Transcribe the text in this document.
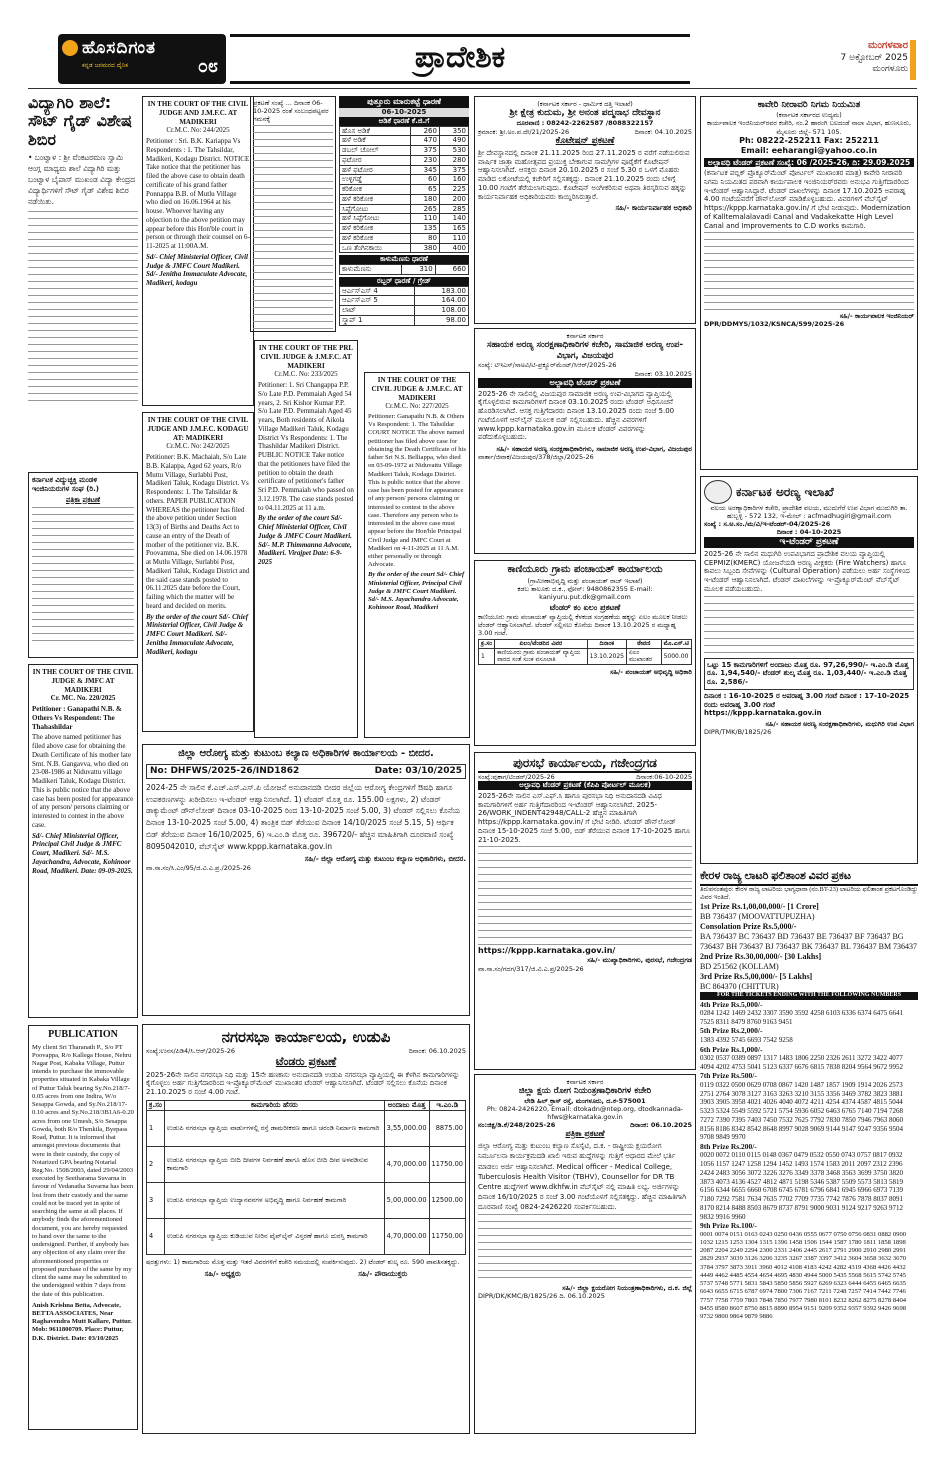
ಹೊಸದಿಗಂತ
ಕನ್ನಡ ಜನಮನದ ದೈನಿಕ	೦೮	ಪ್ರಾದೇಶಿಕ	ಮಂಗಳವಾರ
7 ಅಕ್ಟೋಬರ್ 2025
ಮಂಗಳೂರು
ವಿದ್ಯಾಗಿರಿ ಶಾಲೆ: ಸೌಟ್ ಗೈಡ್ ವಿಶೇಷ ಶಿಬಿರ
• ಬಂಟ್ವಾಳ : ಶ್ರೀ ವೆಂಕಟರಮಣ ಸ್ವಾಮಿ ಆಂಗ್ಲ ಮಾಧ್ಯಮ ಶಾಲೆ ವಿದ್ಯಾಗಿರಿ ಮತ್ತು ಬಂಟ್ವಾಳ ಬೈಪಾಸ್ ಮುಖಂಡ ವಿದ್ಯಾ ಕೇಂದ್ರದ ವಿದ್ಯಾರ್ಥಿಗಳಿಗೆ ಸೌಟ್ ಗೈಡ್ ವಿಶೇಷ ಶಿಬಿರ ನಡೆಯಿತು.
ಕರ್ನಾಟಕ ವಿದ್ಯುಚ್ಛಕ್ತಿ ಮಂಡಳಿ ಇಂಜಿನಿಯರುಗಳ ಸಂಘ (ರಿ.)
ಪತ್ರಿಕಾ ಪ್ರಕಟಣೆ
IN THE COURT OF THE CIVIL JUDGE & JMFC AT MADIKERI
Cr. MC. No. 220/2025
Petitioner : Ganapathi N.B. & Others Vs Respondent: The Thahashildar
The above named petitioner has filed above case for obtaining the Death Certificate of his mother late Smt. N.B. Gangavva, who died on 23-08-1986 at Niduvattu village Madikeri Taluk, Kodagu District. This is public notice that the above case has been posted for appearance of any person/ persons claiming or interested to contest in the above case.
Sd/- Chief Ministerial Officer, Principal Civil Judge & JMFC Court, Madikeri. Sd/- M.S. Jayachandra, Advocate, Kohinoor Road, Madikeri. Date: 09-09-2025.
PUBLICATION
My client Sri Tharanath P., S/o PT Poovappa, R/o Kallega House, Nehru Nagar Post, Kabaka Village, Puttur intends to purchase the immovable properties situated in Kabaka Village of Puttur Taluk bearing Sy.No.218/7- 0.05 acres from one Indira, W/o Sesappa Gowda, and Sy.No.218/17-0.10 acres and Sy.No.218/3B1A6-0.20 acres from one Umesh, S/o Sesappa Gowda, both R/o Thenkila, Byepass Road, Puttur. It is informed that amongst previous documents that were in their custody, the copy of Notarized GPA bearing Notarial Reg.No. 1508/2003, dated 29/04/2003 executed by Seetharama Suvarna in favour of Vedanatha Suvarna has been lost from their custody and the same could not be traced yet in spite of searching the same at all places. If anybody finds the aforementioned document, you are hereby requested to hand over the same to the undersigned. Further, if anybody has any objection of any claim over the aforementioned properties or proposed purchase of the same by my client the same may be submitted to the undersigned within 7 days from the date of this publication.
Anish Krishna Betta, Advocate, BETTA ASSOCIATES, Near Raghavendra Mutt Kallare, Puttur. Mob: 9611800709. Place: Puttur, D.K. District. Date: 03/10/2025
IN THE COURT OF THE CIVIL JUDGE AND J.M.F.C. AT MADIKERI
Cr.M.C. No: 244/2025
Petitioner : Sri. B.K. Kariappa Vs Respondents : 1. The Tahsildar, Madikeri, Kodagu District. NOTICE Take notice that the petitioner has filed the above case to obtain death certificate of his grand father Ponnappa B.B. of Mutlu Village who died on 16.06.1964 at his house. Whoever having any objection to the above petition may appear before this Hon'ble court in person or through their counsel on 6-11-2025 at 11:00A.M.
Sd/- Chief Ministerial Officer, Civil Judge & JMFC Court Madikeri. Sd/- Jenitha Immaculate Advocate, Madikeri, kodagu
IN THE COURT OF THE CIVIL JUDGE AND J.M.F.C. KODAGU AT: MADIKERI
Cr.M.C. No: 242/2025
Petitioner: B.K. Machaiah, S/o Late B.B. Kalappa, Aged 62 years, R/o Muttu Village, Surlabbi Post, Madikeri Taluk, Kodagu District. Vs Respondents: 1. The Tahsildar & others. PAPER PUBLICATION WHEREAS the petitioner has filed the above petition under Section 13(3) of Births and Deaths Act to cause an entry of the Death of mother of the petitioner viz. B.K. Poovamma, She died on 14.06.1978 at Mutlu Village, Surlabbi Post, Madikeri Taluk, Kodagu District and the said case stands posted to 06.11.2025 date before the Court, failing which the matter will be heard and decided on merits.
By the order of the court Sd/- Chief Ministerial Officer, Civil Judge & JMFC Court Madikeri. Sd/- Jenitha Immaculate Advocate, Madikeri, kodagu
ಪ್ರಕಟಣೆ ಸಂಖ್ಯೆ ... ದಿನಾಂಕ 06-10-2025 ರಂತೆ ಸಂಬಂಧಪಟ್ಟವರ ಗಮನಕ್ಕೆ
IN THE COURT OF THE PRL CIVIL JUDGE & J.M.F.C. AT MADIKERI
Cr.M.C. No: 233/2025
Petitioner: 1. Sri Changappa P.P. S/o Late P.D. Pemmaiah Aged 54 years, 2. Sri Kishor Kumar P.P. S/o Late P.D. Pemmaiah Aged 45 years, Both residents of Aikola Village Madikeri Taluk, Kodagu District Vs Respondents: 1. The Thashildar Madikeri District. PUBLIC NOTICE Take notice that the petitioners have filed the petition to obtain the death certificate of petitioner's father Sri P.D. Pemmaiah who passed on 3.12.1978. The case stands posted to 04.11.2025 at 11 a.m.
By the order of the court Sd/- Chief Ministerial Officer, Civil Judge & JMFC Court Madikeri. Sd/- M.P. Thimmanna Advocate, Madikeri. Virajpet Date: 6-9-2025
ಪುತ್ತೂರು ಮಾರುಕಟ್ಟೆ ಧಾರಣೆ
06-10-2025
ಅಡಿಕೆ ಧಾರಣೆ ಕೆ.ಜಿ.ಗೆ
ಹೊಸ ಅಡಿಕೆ	260	350
ಹಳೆ ಅಡಿಕೆ	470	490
ಡಬಲ್ ಚೋಲ್	375	530
ಫಟೋರ	230	280
ಹಳೆ ಫಟೋರ	345	375
ಉಳ್ಳಿಗಡ್ಡೆ	60	160
ಕರಿಕೋಕ	65	225
ಹಳೆ ಕರಿಕೋಕ	180	200
ಸಿಪ್ಪೆಗೋಟು	265	285
ಹಳೆ ಸಿಪ್ಪೆಗೋಟು	110	140
ಹಳೆ ಕರಿಕೋಕ	135	165
ಹಳೆ ಕರಿಕೋಕ	80	110
ಒಣ ತೆಂಗಿನಕಾಯಿ	380	400
ಕಾಳುಮೆಣಸು ಧಾರಣೆ
ಕಾಳುಮೆಣಸು	310	660
ರಬ್ಬರ್ ಧಾರಣೆ / ಗ್ರೇಡ್
ಆರ್ಎಸ್ಎಸ್ 4	183.00
ಆರ್ಎಸ್ಎಸ್ 5	164.00
ಲಾಟ್	108.00
ಸ್ಕ್ರಾಪ್ 1	98.00
IN THE COURT OF THE CIVIL JUDGE & J.M.F.C. AT MADIKERI
Cr.M.C. No: 227/2025
Petitioner: Ganapathi N.B. & Others Vs Respondent: 1. The Tahsildar COURT NOTICE The above named petitioner has filed above case for obtaining the Death Certificate of his father Sri N.S. Belliappa, who died on 03-09-1972 at Niduvattu Village Madikeri Taluk, Kodagu District. This is public notice that the above case has been posted for appearance of any person/ persons claiming or interested to contest in the above case. Therefore any person who is interested in the above case must appear before the Hon'ble Principal Civil Judge and JMFC Court at Madikeri on 4-11-2025 at 11 A.M. either personally or through Advocate.
By the order of the court Sd/- Chief Ministerial Officer, Principal Civil Judge & JMFC Court Madikeri. Sd/- M.S. Jayachandra Advocate, Kohinoor Road, Madikeri
(ಕರ್ನಾಟಕ ಸರ್ಕಾರ - ಧಾರ್ಮಿಕ ದತ್ತಿ ಇಲಾಖೆ)
ಶ್ರೀ ಕ್ಷೇತ್ರ ಕುದುಮ, ಶ್ರೀ ಅನಂತ ಪದ್ಮನಾಭ ದೇವಸ್ಥಾನ
ದೂರವಾಣಿ : 08242-2262587 /8088322157
ಕ್ರಮಾಂಕ: ಶ್ರೀ.ಅಂ.ಪ.ದೇ/21/2025-26	ದಿನಾಂಕ: 04.10.2025
ಕೊಟೇಷನ್ ಪ್ರಕಟಣೆ
ಶ್ರೀ ದೇವಸ್ಥಾನದಲ್ಲಿ ದಿನಾಂಕ 21.11.2025 ರಿಂದ 27.11.2025 ರ ವರೆಗೆ ನಡೆಯಲಿರುವ ವಾರ್ಷಿಕ ಜಾತ್ರಾ ಮಹೋತ್ಸವದ ಪ್ರಯುಕ್ತ ಬೇಕಾಗುವ ಸಾಮಗ್ರಿಗಳ ಪೂರೈಕೆಗೆ ಕೊಟೇಷನ್ ಆಹ್ವಾನಿಸಲಾಗಿದೆ. ಆಸಕ್ತರು ದಿನಾಂಕ 20.10.2025 ರ ಸಂಜೆ 5.30 ರ ಒಳಗೆ ಮೊಹರು ಮಾಡಿದ ಲಕೋಟೆಯಲ್ಲಿ ಕಚೇರಿಗೆ ಸಲ್ಲಿಸತಕ್ಕದ್ದು. ದಿನಾಂಕ 21.10.2025 ರಂದು ಬೆಳಿಗ್ಗೆ 10.00 ಗಂಟೆಗೆ ತೆರೆಯಲಾಗುವುದು. ಕೊಟೇಷನ್ ಅಂಗೀಕರಿಸುವ ಅಥವಾ ತಿರಸ್ಕರಿಸುವ ಹಕ್ಕನ್ನು ಕಾರ್ಯನಿರ್ವಾಹಕ ಅಧಿಕಾರಿಯವರು ಕಾಯ್ದಿರಿಸಿರುತ್ತಾರೆ.
ಸಹಿ/- ಕಾರ್ಯನಿರ್ವಾಹಕ ಅಧಿಕಾರಿ
ಕರ್ನಾಟಕ ಸರ್ಕಾರ
ಸಹಾಯಕ ಅರಣ್ಯ ಸಂರಕ್ಷಣಾಧಿಕಾರಿಗಳ ಕಚೇರಿ, ಸಾಮಾಜಿಕ ಅರಣ್ಯ ಉಪ-ವಿಭಾಗ, ವಿಜಯಪುರ
ಸಂಖ್ಯೆ: ಟಿಇಎಸ್/ಸಾಅವಿ/ಟಿ-ಪ್ರಕ್ಯೂರ್‌ಮೆಂಟ್/ಸಿಆರ್/2025-26
ದಿನಾಂಕ: 03.10.2025
ಅಲ್ಪಾವಧಿ ಟೆಂಡರ್ ಪ್ರಕಟಣೆ
2025-26 ನೇ ಸಾಲಿನಲ್ಲಿ ವಿಜಯಪುರ ಸಾಮಾಜಿಕ ಅರಣ್ಯ ಉಪ-ವಿಭಾಗದ ವ್ಯಾಪ್ತಿಯಲ್ಲಿ ಕೈಗೊಳ್ಳಲಿರುವ ಕಾಮಗಾರಿಗಳಿಗೆ ದಿನಾಂಕ 03.10.2025 ರಂದು ಟೆಂಡರ್ ಅಧಿಸೂಚನೆ ಹೊರಡಿಸಲಾಗಿದೆ. ಆಸಕ್ತ ಗುತ್ತಿಗೆದಾರರು ದಿನಾಂಕ 13.10.2025 ರಂದು ಸಂಜೆ 5.00 ಗಂಟೆಯೊಳಗೆ ಆನ್‌ಲೈನ್ ಮೂಲಕ ಬಿಡ್ ಸಲ್ಲಿಸಬಹುದು. ಹೆಚ್ಚಿನ ವಿವರಗಳಿಗೆ www.kppp.karnataka.gov.in ಮೂಲಕ ಟೆಂಡರ್ ವಿವರಗಳನ್ನು ಪಡೆದುಕೊಳ್ಳಬಹುದು.
ಸಹಿ/- ಸಹಾಯಕ ಅರಣ್ಯ ಸಂರಕ್ಷಣಾಧಿಕಾರಿಗಳು, ಸಾಮಾಜಿಕ ಅರಣ್ಯ ಉಪ-ವಿಭಾಗ, ವಿಜಯಪುರ
ವಾರ್ತಾ/ಜಿವಾಕ/ವಿಜಯಪುರ/378/ಜಿಲ್ಲಾ/2025-26
ಕಾಣಿಯೂರು ಗ್ರಾಮ ಪಂಚಾಯತ್ ಕಾರ್ಯಾಲಯ
(ಗ್ರಾಮೀಣಾಭಿವೃದ್ಧಿ ಮತ್ತು ಪಂಚಾಯತ್ ರಾಜ್ ಇಲಾಖೆ)
ಕಡಬ ತಾಲೂಕು ದ.ಕ., ಫೋನ್: 9480862355 E-mail: kaniyuru.put.dk@gmail.com
ಟೆಂಡರ್ ಕಂ ಏಲಂ ಪ್ರಕಟಣೆ
ಕಾಣಿಯೂರು ಗ್ರಾಮ ಪಂಚಾಯತ್ ವ್ಯಾಪ್ತಿಯಲ್ಲಿ ಕೆಳಕಂಡ ಸಂಗ್ರಹಣೆಯ ಹಕ್ಕನ್ನು ಏಲಂ ಮೂಲಕ ನೀಡಲು ಟೆಂಡರ್ ಆಹ್ವಾನಿಸಲಾಗಿದೆ. ಟೆಂಡರ್ ಸಲ್ಲಿಸಲು ಕೊನೆಯ ದಿನಾಂಕ 13.10.2025 ರ ಮಧ್ಯಾಹ್ನ 3.00 ಗಂಟೆ.
ಕ್ರ.ಸಂ	ಏಲಂ/ಟೆಂಡರಿನ ವಿವರ	ದಿನಾಂಕ	ಠೇವಣಿ	ಮೊ.ಎಸ್.ಟಿ
1	ಕಾಣಿಯೂರು ಗ್ರಾಮ ಪಂಚಾಯತ್ ವ್ಯಾಪ್ತಿಯ ವಾರದ ಸಂತೆ ಸುಂಕ ವಸೂಲಾತಿ	13.10.2025	ಏಲಂ ಮುಖಾಂತರ	5000.00
ಸಹಿ/- ಪಂಚಾಯತ್ ಅಭಿವೃದ್ಧಿ ಅಧಿಕಾರಿ
ಕಾವೇರಿ ನೀರಾವರಿ ನಿಗಮ ನಿಯಮಿತ
(ಕರ್ನಾಟಕ ಸರ್ಕಾರದ ಉದ್ಯಮ)
ಕಾರ್ಯಪಾಲಕ ಇಂಜಿನಿಯರ್‌ರವರ ಕಚೇರಿ, ನಂ.2 ಹಾರಂಗಿ ಬಲದಂಡೆ ನಾಲಾ ವಿಭಾಗ, ಹುಣಸೂರು, ಮೈಸೂರು ಜಿಲ್ಲೆ- 571 105.
Ph: 08222-252211 Fax: 252211
Email: eeharangi@yahoo.co.in
ಅಲ್ಪಾವಧಿ ಟೆಂಡರ್ ಪ್ರಕಟಣೆ ಸಂಖ್ಯೆ: 06 /2025-26, ದಿ: 29.09.2025
(ಕರ್ನಾಟಕ ಪಬ್ಲಿಕ್ ಪ್ರೊಕ್ಯೂರ್‌ಮೆಂಟ್ ಪೋರ್ಟಲ್ ಮುಖಾಂತರ ಮಾತ್ರ) ಕಾವೇರಿ ನೀರಾವರಿ ನಿಗಮ ನಿಯಮಿತದ ಪರವಾಗಿ ಕಾರ್ಯಪಾಲಕ ಇಂಜಿನಿಯರ್‌ರವರು ಅನುಭವಿ ಗುತ್ತಿಗೆದಾರರಿಂದ ಇ-ಟೆಂಡರ್ ಆಹ್ವಾನಿಸಿದ್ದಾರೆ. ಟೆಂಡರ್ ದಾಖಲೆಗಳನ್ನು ದಿನಾಂಕ 17.10.2025 ಅಪರಾಹ್ನ 4.00 ಗಂಟೆಯವರೆಗೆ ಡೌನ್‌ಲೋಡ್ ಮಾಡಿಕೊಳ್ಳಬಹುದು. ವಿವರಗಳಿಗೆ ವೆಬ್‌ಸೈಟ್ https://kppp.karnataka.gov.in/ ಗೆ ಭೇಟಿ ನೀಡುವುದು. Modernization of Kalltemalalavadi Canal and Vadakekatte High Level Canal and Improvements to C.D works ಕಾಮಗಾರಿ.
ಸಹಿ/- ಕಾರ್ಯಪಾಲಕ ಇಂಜಿನಿಯರ್
DPR/DDMYS/1032/KSNCA/599/2025-26
ಕರ್ನಾಟಕ ಅರಣ್ಯ ಇಲಾಖೆ
ವಲಯ ಅರಣ್ಯಾಧಿಕಾರಿಗಳ ಕಚೇರಿ, ಪ್ರಾದೇಶಿಕ ವಲಯ, ಮುದುಗೆರೆ ಉಪ ವಿಭಾಗ ಮುದುಗಿರಿ ತಾ. ಹುಬ್ಬಳ್ಳಿ - 572 132, ಇ-ಮೇಲ್ : acfmadhugiri@gmail.com
ಸಂಖ್ಯೆ : ಸ.ಅ.ಸಂ./ಮ/ವಿ/ಇ-ಟೆಂಡರ್-04/2025-26
ದಿನಾಂಕ : 04-10-2025
ಇ-ಟೆಂಡರ್ ಪ್ರಕಟಣೆ
2025-26 ನೇ ಸಾಲಿನ ಮಧುಗಿರಿ ಉಪವಿಭಾಗದ ಪ್ರಾದೇಶಿಕ ವಲಯ ವ್ಯಾಪ್ತಿಯಲ್ಲಿ CEPMIZ(KMERC) ಯೋಜನೆಯಡಿ ಅರಣ್ಯ ವೀಕ್ಷಕರು (Fire Watchers) ಹಾಗೂ ಕಾವಲು ಸಿಬ್ಬಂದಿ ಸೇವೆಗಳನ್ನು (Cultural Operation) ಪಡೆಯಲು ಅರ್ಹ ಸಂಸ್ಥೆಗಳಿಂದ ಇ-ಟೆಂಡರ್ ಆಹ್ವಾನಿಸಲಾಗಿದೆ. ಟೆಂಡರ್ ದಾಖಲೆಗಳನ್ನು ಇ-ಪ್ರೊಕ್ಯೂರ್‌ಮೆಂಟ್ ವೆಬ್‌ಸೈಟ್ ಮೂಲಕ ಪಡೆಯಬಹುದು.
ಒಟ್ಟು 15 ಕಾಮಗಾರಿಗಳಿಗೆ ಅಂದಾಜು ಮೊತ್ತ ರೂ. 97,26,990/- ಇ.ಎಂ.ಡಿ ಮೊತ್ತ ರೂ. 1,94,540/- ಟೆಂಡರ್ ಶುಲ್ಕ ಮೊತ್ತ ರೂ. 1,03,440/- ಇ.ಎಂ.ಡಿ ಮೊತ್ತ ರೂ. 2,586/-
ದಿನಾಂಕ : 16-10-2025 ರ ಅಪರಾಹ್ನ 3.00 ಗಂಟೆ ದಿನಾಂಕ : 17-10-2025 ರಂದು ಅಪರಾಹ್ನ 3.00 ಗಂಟೆ
https://kppp.karnataka.gov.in
ಸಹಿ/- ಸಹಾಯಕ ಅರಣ್ಯ ಸಂರಕ್ಷಣಾಧಿಕಾರಿಗಳು, ಮಧುಗಿರಿ ಉಪ ವಿಭಾಗ
DIPR/TMK/B/1825/26
ಜಿಲ್ಲಾ ಆರೋಗ್ಯ ಮತ್ತು ಕುಟುಂಬ ಕಲ್ಯಾಣ ಅಧಿಕಾರಿಗಳ ಕಾರ್ಯಾಲಯ - ಬೀದರ.
No: DHFWS/2025-26/IND1862	Date: 03/10/2025
2024-25 ನೇ ಸಾಲಿನ ಕೆ.ಎಚ್.ಎಸ್.ಎಸ್.ಪಿ ಯೋಜನೆ ಅನುದಾನದಡಿ ಬೀದರ ಜಿಲ್ಲೆಯ ಆರೋಗ್ಯ ಕೇಂದ್ರಗಳಿಗೆ ಔಷಧಿ ಹಾಗೂ ಉಪಕರಣಗಳನ್ನು ಖರೀದಿಸಲು ಇ-ಟೆಂಡರ್ ಆಹ್ವಾನಿಸಲಾಗಿದೆ. 1) ಟೆಂಡರ್ ಮೊತ್ತ ರೂ. 155.00 ಲಕ್ಷಗಳು, 2) ಟೆಂಡರ್ ಡಾಕ್ಯುಮೆಂಟ್ ಡೌನ್‌ಲೋಡ್ ದಿನಾಂಕ 03-10-2025 ರಿಂದ 13-10-2025 ಸಂಜೆ 5.00, 3) ಟೆಂಡರ್ ಸಲ್ಲಿಸಲು ಕೊನೆಯ ದಿನಾಂಕ 13-10-2025 ಸಂಜೆ 5.00, 4) ತಾಂತ್ರಿಕ ಬಿಡ್ ತೆರೆಯುವ ದಿನಾಂಕ 14/10/2025 ಸಂಜೆ 5.15, 5) ಆರ್ಥಿಕ ಬಿಡ್ ತೆರೆಯುವ ದಿನಾಂಕ 16/10/2025, 6) ಇ.ಎಂ.ಡಿ ಮೊತ್ತ ರೂ. 396720/- ಹೆಚ್ಚಿನ ಮಾಹಿತಿಗಾಗಿ ದೂರವಾಣಿ ಸಂಖ್ಯೆ 8095042010, ವೆಬ್‌ಸೈಟ್ www.kppp.karnataka.gov.in
ಸಹಿ/- ಜಿಲ್ಲಾ ಆರೋಗ್ಯ ಮತ್ತು ಕುಟುಂಬ ಕಲ್ಯಾಣ ಅಧಿಕಾರಿಗಳು, ಬೀದರ.
ವಾ.ಸಾ.ಸಂ/ಸಿ.ಎಂ/95/ಜಿ.ವಿ.ಎ.ಪ್ರ./2025-26
ನಗರಸಭಾ ಕಾರ್ಯಾಲಯ, ಉಡುಪಿ
ಸಂಖ್ಯೆ:ಉನಸ/ಪಿಡಿ4/ಸಿ.ಆರ್/2025-26	ದಿನಾಂಕ: 06.10.2025
ಟೆಂಡರು ಪ್ರಕಟಣೆ
2025-26ನೇ ಸಾಲಿನ ನಗರಸಭಾ ನಿಧಿ ಮತ್ತು 15ನೇ ಹಣಕಾಸು ಅನುದಾನದಡಿ ಉಡುಪಿ ನಗರಸಭಾ ವ್ಯಾಪ್ತಿಯಲ್ಲಿ ಈ ಕೆಳಗಿನ ಕಾಮಗಾರಿಗಳನ್ನು ಕೈಗೊಳ್ಳಲು ಅರ್ಹ ಗುತ್ತಿಗೆದಾರರಿಂದ ಇ-ಪ್ರೊಕ್ಯೂರ್‌ಮೆಂಟ್ ಮುಖಾಂತರ ಟೆಂಡರ್ ಆಹ್ವಾನಿಸಲಾಗಿದೆ. ಟೆಂಡರ್ ಸಲ್ಲಿಸಲು ಕೊನೆಯ ದಿನಾಂಕ 21.10.2025 ರ ಸಂಜೆ 4.00 ಗಂಟೆ.
ಕ್ರ.ಸಂ	ಕಾಮಗಾರಿಯ ಹೆಸರು	ಅಂದಾಜು ಮೊತ್ತ	ಇ.ಎಂ.ಡಿ
1	ಉಡುಪಿ ನಗರಸಭಾ ವ್ಯಾಪ್ತಿಯ ವಾರ್ಡುಗಳಲ್ಲಿ ರಸ್ತೆ ಡಾಮರೀಕರಣ ಹಾಗೂ ಚರಂಡಿ ನಿರ್ಮಾಣ ಕಾಮಗಾರಿ	3,55,000.00	8875.00
2	ಉಡುಪಿ ನಗರಸಭಾ ವ್ಯಾಪ್ತಿಯ ಬೀದಿ ದೀಪಗಳ ನಿರ್ವಹಣೆ ಹಾಗೂ ಹೊಸ ಬೀದಿ ದೀಪ ಅಳವಡಿಸುವ ಕಾಮಗಾರಿ	4,70,000.00	11750.00
3	ಉಡುಪಿ ನಗರಸಭಾ ವ್ಯಾಪ್ತಿಯ ಉದ್ಯಾನವನಗಳ ಅಭಿವೃದ್ಧಿ ಹಾಗೂ ನಿರ್ವಹಣೆ ಕಾಮಗಾರಿ	5,00,000.00	12500.00
4	ಉಡುಪಿ ನಗರಸಭಾ ವ್ಯಾಪ್ತಿಯ ಕುಡಿಯುವ ನೀರಿನ ಪೈಪ್‌ಲೈನ್ ವಿಸ್ತರಣೆ ಹಾಗೂ ದುರಸ್ತಿ ಕಾಮಗಾರಿ	4,70,000.00	11750.00
ಷರತ್ತುಗಳು: 1) ಕಾಮಗಾರಿಯ ಮೊತ್ತ ಮತ್ತು ಇತರೆ ವಿವರಗಳಿಗೆ ಕಚೇರಿ ಸಮಯದಲ್ಲಿ ಸಂಪರ್ಕಿಸುವುದು. 2) ಟೆಂಡರ್ ಶುಲ್ಕ ರೂ. 590 ಪಾವತಿಸತಕ್ಕದ್ದು.
ಸಹಿ/- ಅಧ್ಯಕ್ಷರು	ಸಹಿ/- ಪೌರಾಯುಕ್ತರು
ಪುರಸಭೆ ಕಾರ್ಯಾಲಯ, ಗಜೇಂದ್ರಗಡ
ಸಂಖ್ಯೆ:ಪುಕಾಗ/ಟಿಂಡರ್/2025-26	ದಿನಾಂಕ:06-10-2025
ಅಲ್ಪಾವಧಿ ಟೆಂಡರ್ ಪ್ರಕಟಣೆ (ಕೆಪಿಪಿ ಪೋರ್ಟಲ್ ಮೂಲಕ)
2025-26ನೇ ಸಾಲಿನ ಎಸ್.ಎಫ್.ಸಿ ಹಾಗೂ ಪುರಸಭಾ ನಿಧಿ ಅನುದಾನದಡಿ ವಿವಿಧ ಕಾಮಗಾರಿಗಳಿಗೆ ಅರ್ಹ ಗುತ್ತಿಗೆದಾರರಿಂದ ಇ-ಟೆಂಡರ್ ಆಹ್ವಾನಿಸಲಾಗಿದೆ. 2025-26/WORK_INDENT42948/CALL-2 ಹೆಚ್ಚಿನ ಮಾಹಿತಿಗಾಗಿ https://kppp.karnataka.gov.in/ ಗೆ ಭೇಟಿ ನೀಡಿರಿ. ಟೆಂಡರ್ ಡೌನ್‌ಲೋಡ್ ದಿನಾಂಕ 15-10-2025 ಸಂಜೆ 5.00, ಬಿಡ್ ತೆರೆಯುವ ದಿನಾಂಕ 17-10-2025 ಹಾಗೂ 21-10-2025.
https://kppp.karnataka.gov.in/
ಸಹಿ/- ಮುಖ್ಯಾಧಿಕಾರಿಗಳು, ಪುರಸಭೆ, ಗಜೇಂದ್ರಗಡ
ವಾ.ಸಾ.ಸಂ/ಗದಗ/317/ಜಿ.ವಿ.ಎ.ಪ್ರ/2025-26
ಕರ್ನಾಟಕ ಸರ್ಕಾರ
ಜಿಲ್ಲಾ ಕ್ಷಯ ರೋಗ ನಿಯಂತ್ರಣಾಧಿಕಾರಿಗಳ ಕಚೇರಿ
ಲೇಡಿ ಹಿಲ್ ಕ್ರಾಸ್ ರಸ್ತೆ, ಮಂಗಳೂರು, ದ.ಕ-575001
Ph: 0824-2426220, Email: dtokadn@ntep.org, dtodkannada-hfws@karnataka.gov.in
ನಂ:ಜಿಕ್ಷ/ಡಿ.ಕೆ/248/2025-26	ದಿನಾಂಕ: 06.10.2025
ಪತ್ರಿಕಾ ಪ್ರಕಟಣೆ
ಜಿಲ್ಲಾ ಆರೋಗ್ಯ ಮತ್ತು ಕುಟುಂಬ ಕಲ್ಯಾಣ ಸೊಸೈಟಿ, ದ.ಕ. - ರಾಷ್ಟ್ರೀಯ ಕ್ಷಯರೋಗ ನಿರ್ಮೂಲನಾ ಕಾರ್ಯಕ್ರಮದಡಿ ಖಾಲಿ ಇರುವ ಹುದ್ದೆಗಳನ್ನು ಗುತ್ತಿಗೆ ಆಧಾರದ ಮೇಲೆ ಭರ್ತಿ ಮಾಡಲು ಅರ್ಜಿ ಆಹ್ವಾನಿಸಲಾಗಿದೆ. Medical officer - Medical College, Tuberculosis Health Visitor (TBHV), Counsellor for DR TB Centre ಹುದ್ದೆಗಳಿಗೆ www.dkhfw.in ವೆಬ್‌ಸೈಟ್ ನಲ್ಲಿ ಮಾಹಿತಿ ಲಭ್ಯ. ಅರ್ಜಿಗಳನ್ನು ದಿನಾಂಕ 16/10/2025 ರ ಸಂಜೆ 3.00 ಗಂಟೆಯೊಳಗೆ ಸಲ್ಲಿಸತಕ್ಕದ್ದು. ಹೆಚ್ಚಿನ ಮಾಹಿತಿಗಾಗಿ ದೂರವಾಣಿ ಸಂಖ್ಯೆ 0824-2426220 ಸಂಪರ್ಕಿಸಬಹುದು.
ಸಹಿ/- ಜಿಲ್ಲಾ ಕ್ಷಯರೋಗ ನಿಯಂತ್ರಣಾಧಿಕಾರಿಗಳು, ದ.ಕ. ಜಿಲ್ಲೆ
DIPR/DK/KMC/B/1825/26 ದಿ. 06.10.2025
ಕೇರಳ ರಾಜ್ಯ ಲಾಟರಿ ಫಲಿತಾಂಶ ವಿವರ ಪ್ರಕಟ
ತಿರುವನಂತಪುರ: ಕೇರಳ ರಾಜ್ಯ ಲಾಟರಿಯ ಭಾಗ್ಯಧಾರಾ (ನಂ.BT-23) ಲಾಟರಿಯ ಫಲಿತಾಂಶ ಪ್ರಕಟಗೊಂಡಿದ್ದು ವಿವರ ಇಂತಿದೆ.
1st Prize Rs.1,00,00,000/- [1 Crore]
BB 736437 (MOOVATTUPUZHA)
Consolation Prize Rs.5,000/-
BA 736437 BC 736437 BD 736437 BE 736437 BF 736437 BG 736437 BH 736437 BJ 736437 BK 736437 BL 736437 BM 736437
2nd Prize Rs.30,00,000/- [30 Lakhs]
BD 251562 (KOLLAM)
3rd Prize Rs.5,00,000/- [5 Lakhs]
BC 864370 (CHITTUR)
FOR THE TICKETS ENDING WITH THE FOLLOWING NUMBERS
4th Prize Rs.5,000/-
0284 1242 1469 2432 3307 3590 3592 4258 6103 6336 6374 6475 6641 7525 8311 8479 8760 9163 9451
5th Prize Rs.2,000/-
1383 4392 5745 6693 7542 9258
6th Prize Rs.1,000/-
0302 0537 0389 0897 1317 1483 1806 2250 2326 2611 3272 3422 4077 4094 4202 4753 5041 5123 6337 6676 6815 7838 8204 9564 9672 9952
7th Prize Rs.500/-
0119 0322 0500 0629 0708 0867 1420 1487 1857 1909 1914 2026 2573 2751 2764 3078 3127 3163 3263 3210 3155 3356 3469 3782 3823 3881 3903 3905 3958 4021 4026 4040 4072 4211 4254 4374 4587 4815 5044 5323 5324 5549 5592 5721 5754 5936 6052 6463 6765 7140 7194 7268 7272 7390 7395 7403 7450 7532 7625 7792 7830 7850 7946 7963 8060 8156 8186 8342 8542 8648 8997 9028 9069 9144 9147 9247 9356 9504 9708 9849 9970
8th Prize Rs.200/-
0020 0072 0110 0115 0148 0367 0479 0532 0550 0743 0757 0817 0932 1056 1157 1247 1258 1294 1452 1493 1574 1583 2011 2097 2312 2396 2424 2483 3056 3072 3226 3276 3349 3378 3468 3563 3699 3750 3820 3873 4073 4136 4527 4812 4871 5198 5346 5387 5509 5573 5813 5819 6156 6344 6655 6660 6708 6745 6781 6796 6841 6945 6966 6973 7139 7180 7292 7581 7634 7635 7702 7709 7735 7742 7876 7878 8037 8091 8170 8214 8488 8503 8679 8737 8791 9000 9031 9124 9217 9263 9712 9832 9916 9960
9th Prize Rs.100/-
0001 0074 0151 0163 0243 0250 0436 0555 0677 0750 0756 0831 0882 0900 1032 1215 1253 1304 1315 1396 1458 1506 1544 1587 1780 1811 1858 1898 2087 2204 2249 2294 2300 2331 2406 2445 2617 2791 2900 2910 2980 2991 2829 2937 3039 3126 3206 3235 3267 3387 3397 3412 3604 3658 3632 3670 3784 3797 3873 3911 3960 4012 4108 4183 4242 4282 4319 4368 4426 4432 4449 4462 4485 4554 4654 4695 4830 4944 5000 5435 5568 5615 5742 5745 5737 5748 5771 5831 5843 5850 5856 5927 6269 6323 6444 6455 6465 6635 6643 6655 6715 6787 6974 7800 7306 7167 7211 7248 7257 7414 7442 7746 7757 7758 7759 7803 7848 7850 7977 7980 8101 8232 8262 8275 8278 8404 8455 8580 8607 8750 8815 8890 8954 9151 9209 9352 9357 9392 9426 9698 9732 9800 9864 9879 9886
